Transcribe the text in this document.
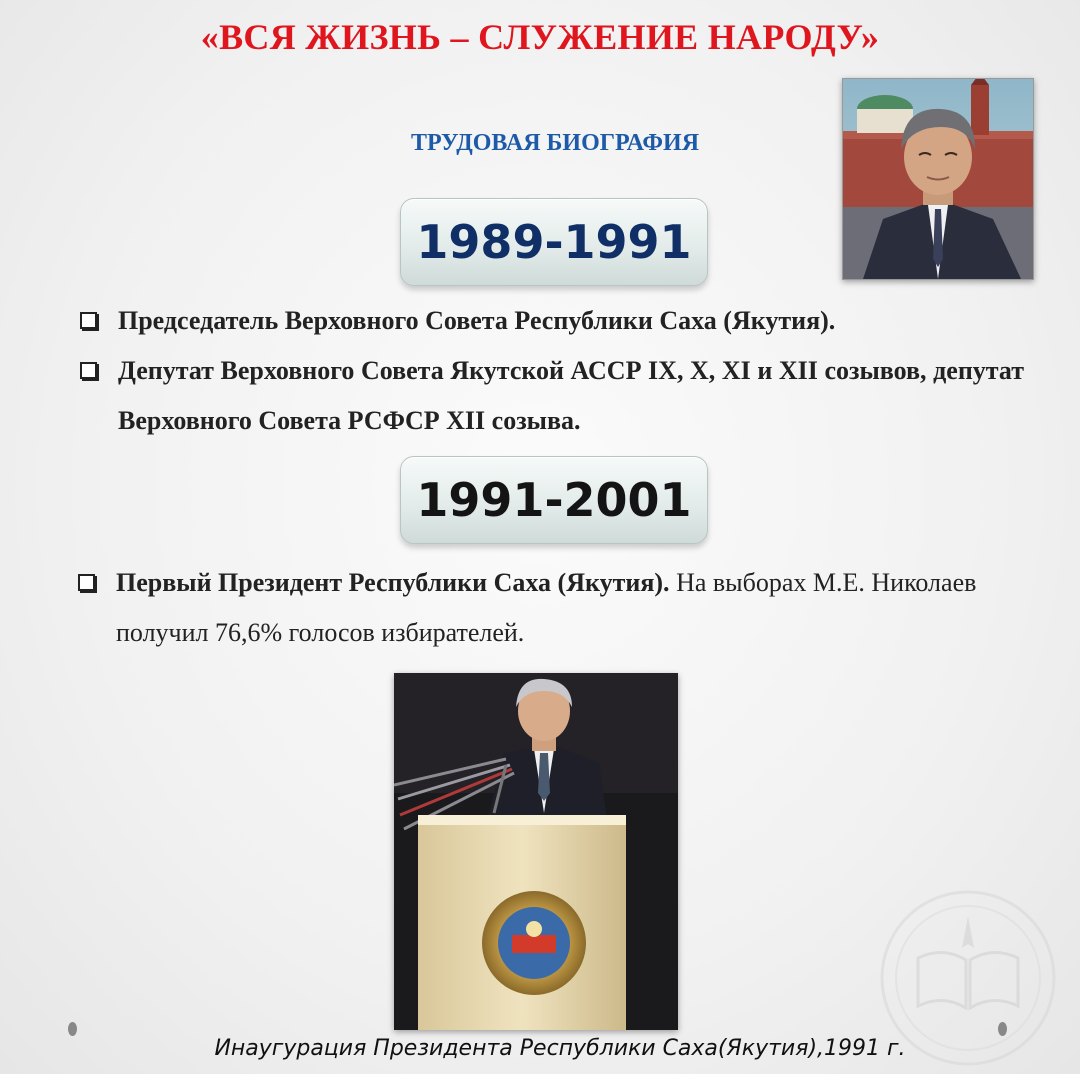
«ВСЯ ЖИЗНЬ – СЛУЖЕНИЕ НАРОДУ»
ТРУДОВАЯ БИОГРАФИЯ
1989-1991
Председатель Верховного Совета Республики Саха (Якутия).
Депутат Верховного Совета Якутской АССР IX, X, XI и XII созывов, депутат Верховного Совета РСФСР XII созыва.
1991-2001
Первый Президент Республики Саха (Якутия). На выборах М.Е. Николаев получил 76,6% голосов избирателей.
Инаугурация Президента Республики Саха(Якутия),1991 г.
